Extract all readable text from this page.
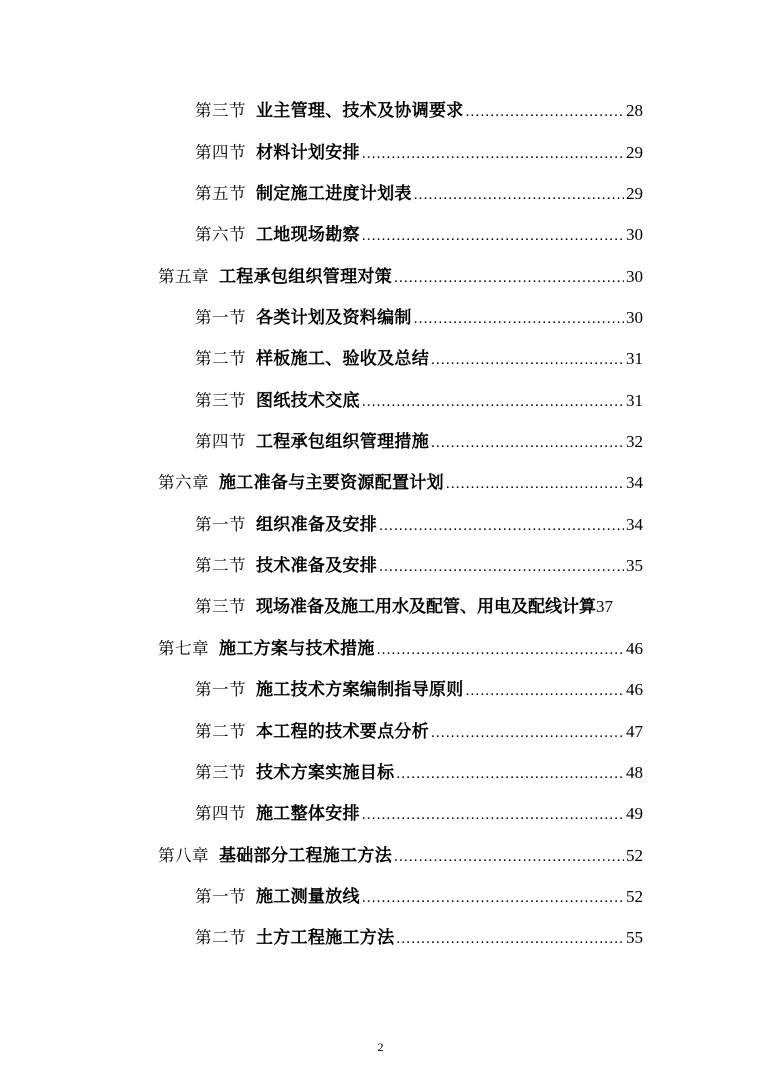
第三节 业主管理、技术及协调要求 .....	28
第四节 材料计划安排 .....	29
第五节 制定施工进度计划表 .....	29
第六节 工地现场勘察 .....	30
第五章 工程承包组织管理对策 .....	30
第一节 各类计划及资料编制 .....	30
第二节 样板施工、验收及总结 .....	31
第三节 图纸技术交底 .....	31
第四节 工程承包组织管理措施 .....	32
第六章 施工准备与主要资源配置计划 .....	34
第一节 组织准备及安排 .....	34
第二节 技术准备及安排 .....	35
第三节 现场准备及施工用水及配管、用电及配线计算 37
第七章 施工方案与技术措施 .....	46
第一节 施工技术方案编制指导原则 .....	46
第二节 本工程的技术要点分析 .....	47
第三节 技术方案实施目标 .....	48
第四节 施工整体安排 .....	49
第八章 基础部分工程施工方法 .....	52
第一节 施工测量放线 .....	52
第二节 土方工程施工方法 .....	55
2
